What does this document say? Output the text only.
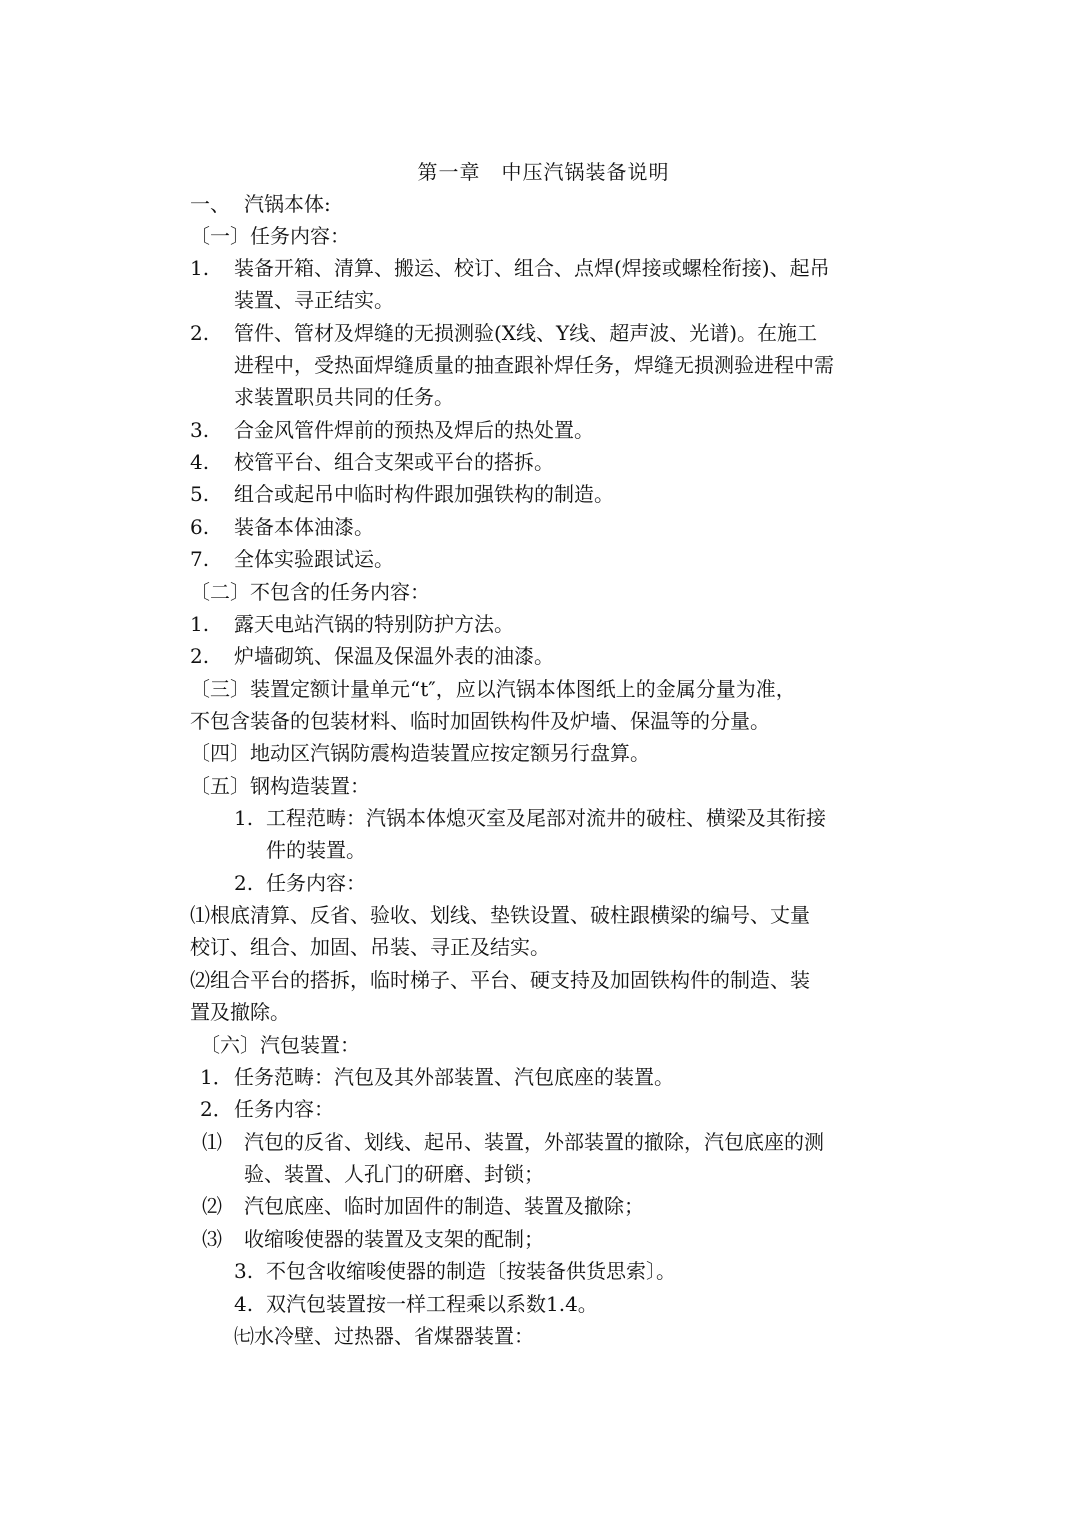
第一章　中压汽锅装备说明
一、 汽锅本体:
〔一〕任务内容：
1. 装备开箱、清算、搬运、校订、组合、点焊(焊接或螺栓衔接)、起吊
装置、寻正结实。
2. 管件、管材及焊缝的无损测验(X线、Υ线、超声波、光谱)。在施工
进程中，受热面焊缝质量的抽查跟补焊任务，焊缝无损测验进程中需
求装置职员共同的任务。
3. 合金风管件焊前的预热及焊后的热处置。
4. 校管平台、组合支架或平台的搭拆。
5. 组合或起吊中临时构件跟加强铁构的制造。
6. 装备本体油漆。
7. 全体实验跟试运。
〔二〕不包含的任务内容：
1. 露天电站汽锅的特别防护方法。
2. 炉墙砌筑、保温及保温外表的油漆。
〔三〕装置定额计量单元“t″，应以汽锅本体图纸上的金属分量为准，
不包含装备的包装材料、临时加固铁构件及炉墙、保温等的分量。
〔四〕地动区汽锅防震构造装置应按定额另行盘算。
〔五〕钢构造装置：
1. 工程范畴：汽锅本体熄灭室及尾部对流井的破柱、横梁及其衔接
件的装置。
2. 任务内容：
⑴根底清算、反省、验收、划线、垫铁设置、破柱跟横梁的编号、丈量
校订、组合、加固、吊装、寻正及结实。
⑵组合平台的搭拆，临时梯子、平台、硬支持及加固铁构件的制造、装
置及撤除。
〔六〕汽包装置：
1．任务范畴：汽包及其外部装置、汽包底座的装置。
2．任务内容：
⑴ 汽包的反省、划线、起吊、装置，外部装置的撤除，汽包底座的测
验、装置、人孔门的研磨、封锁；
⑵ 汽包底座、临时加固件的制造、装置及撤除；
⑶ 收缩唆使器的装置及支架的配制；
3. 不包含收缩唆使器的制造〔按装备供货思索〕。
4. 双汽包装置按一样工程乘以系数1.4。
㈦水冷壁、过热器、省煤器装置：
